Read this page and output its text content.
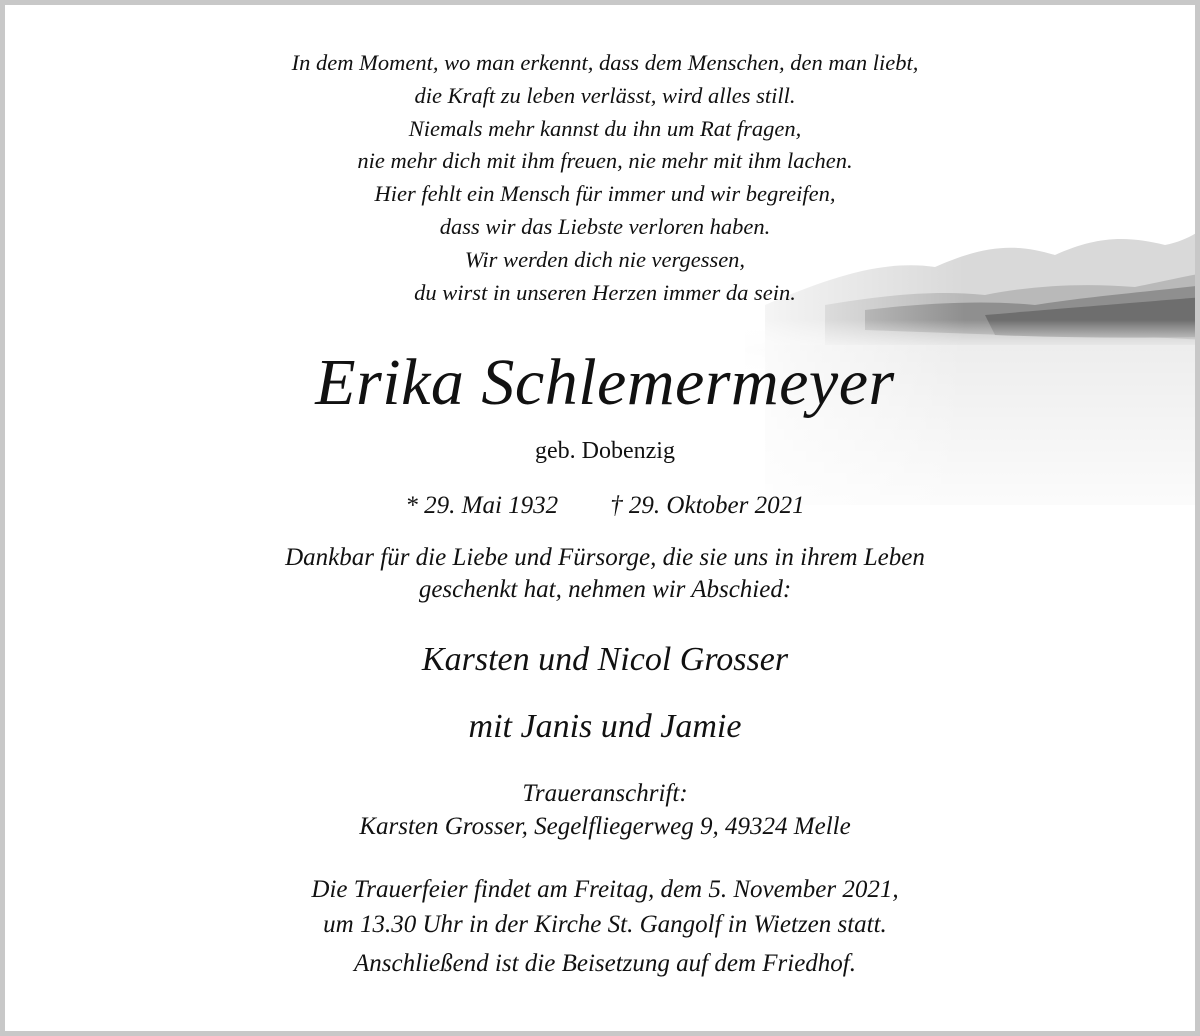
In dem Moment, wo man erkennt, dass dem Menschen, den man liebt,
die Kraft zu leben verlässt, wird alles still.
Niemals mehr kannst du ihn um Rat fragen,
nie mehr dich mit ihm freuen, nie mehr mit ihm lachen.
Hier fehlt ein Mensch für immer und wir begreifen,
dass wir das Liebste verloren haben.
Wir werden dich nie vergessen,
du wirst in unseren Herzen immer da sein.
Erika Schlemermeyer
geb. Dobenzig
* 29. Mai 1932 † 29. Oktober 2021
Dankbar für die Liebe und Fürsorge, die sie uns in ihrem Leben
geschenkt hat, nehmen wir Abschied:
Karsten und Nicol Grosser
mit Janis und Jamie
Traueranschrift:
Karsten Grosser, Segelfliegerweg 9, 49324 Melle
Die Trauerfeier findet am Freitag, dem 5. November 2021,
um 13.30 Uhr in der Kirche St. Gangolf in Wietzen statt.
Anschließend ist die Beisetzung auf dem Friedhof.
